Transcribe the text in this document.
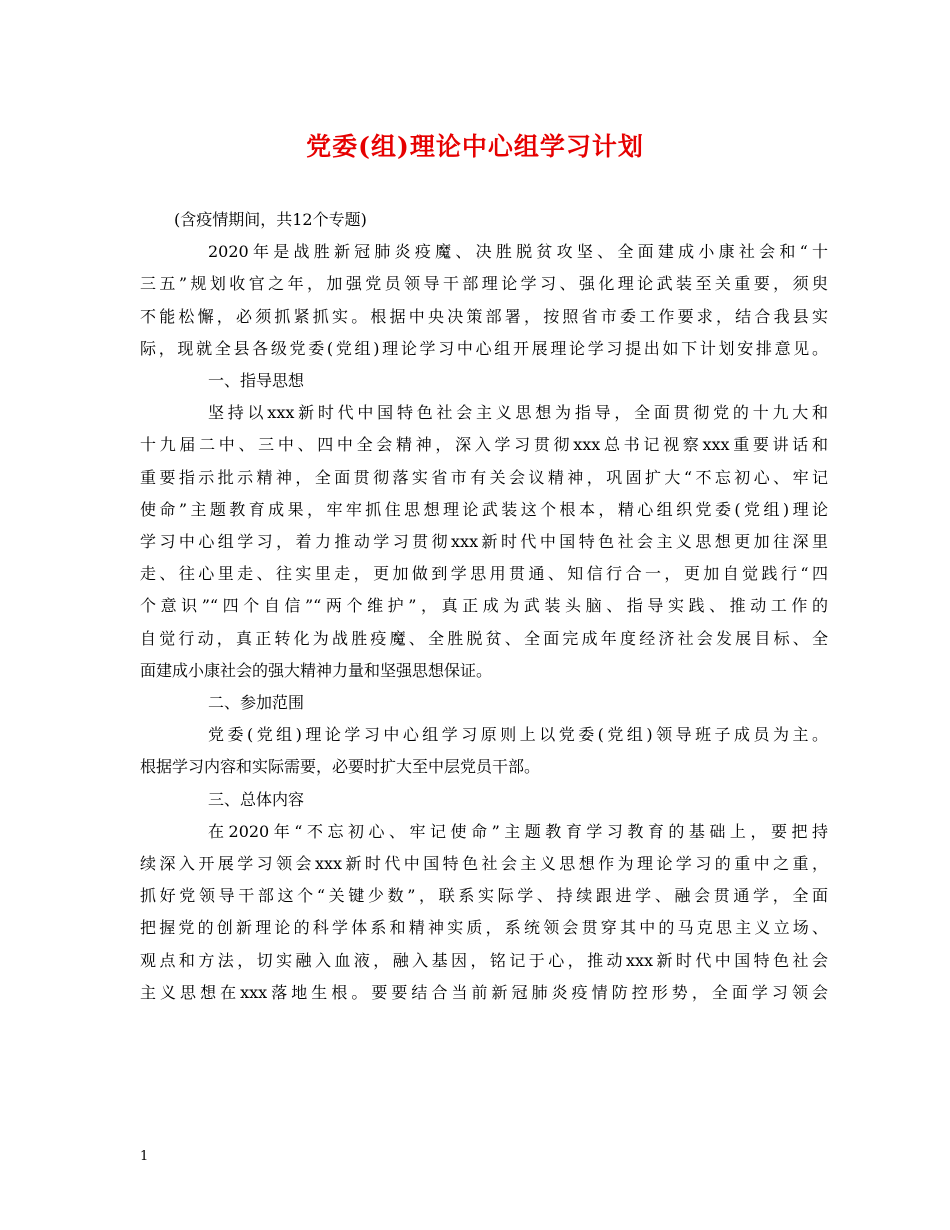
党委(组)理论中心组学习计划
(含疫情期间，共12个专题)
2020年是战胜新冠肺炎疫魔、决胜脱贫攻坚、全面建成小康社会和“十
三五”规划收官之年，加强党员领导干部理论学习、强化理论武装至关重要，须臾
不能松懈，必须抓紧抓实。根据中央决策部署，按照省市委工作要求，结合我县实
际，现就全县各级党委(党组)理论学习中心组开展理论学习提出如下计划安排意见。
一、指导思想
坚持以xxx新时代中国特色社会主义思想为指导，全面贯彻党的十九大和
十九届二中、三中、四中全会精神，深入学习贯彻xxx总书记视察xxx重要讲话和
重要指示批示精神，全面贯彻落实省市有关会议精神，巩固扩大“不忘初心、牢记
使命”主题教育成果，牢牢抓住思想理论武装这个根本，精心组织党委(党组)理论
学习中心组学习，着力推动学习贯彻xxx新时代中国特色社会主义思想更加往深里
走、往心里走、往实里走，更加做到学思用贯通、知信行合一，更加自觉践行“四
个意识”“四个自信”“两个维护”，真正成为武装头脑、指导实践、推动工作的
自觉行动，真正转化为战胜疫魔、全胜脱贫、全面完成年度经济社会发展目标、全
面建成小康社会的强大精神力量和坚强思想保证。
二、参加范围
党委(党组)理论学习中心组学习原则上以党委(党组)领导班子成员为主。
根据学习内容和实际需要，必要时扩大至中层党员干部。
三、总体内容
在2020年“不忘初心、牢记使命”主题教育学习教育的基础上，要把持
续深入开展学习领会xxx新时代中国特色社会主义思想作为理论学习的重中之重，
抓好党领导干部这个“关键少数”，联系实际学、持续跟进学、融会贯通学，全面
把握党的创新理论的科学体系和精神实质，系统领会贯穿其中的马克思主义立场、
观点和方法，切实融入血液，融入基因，铭记于心，推动xxx新时代中国特色社会
主义思想在xxx落地生根。要要结合当前新冠肺炎疫情防控形势，全面学习领会
1
